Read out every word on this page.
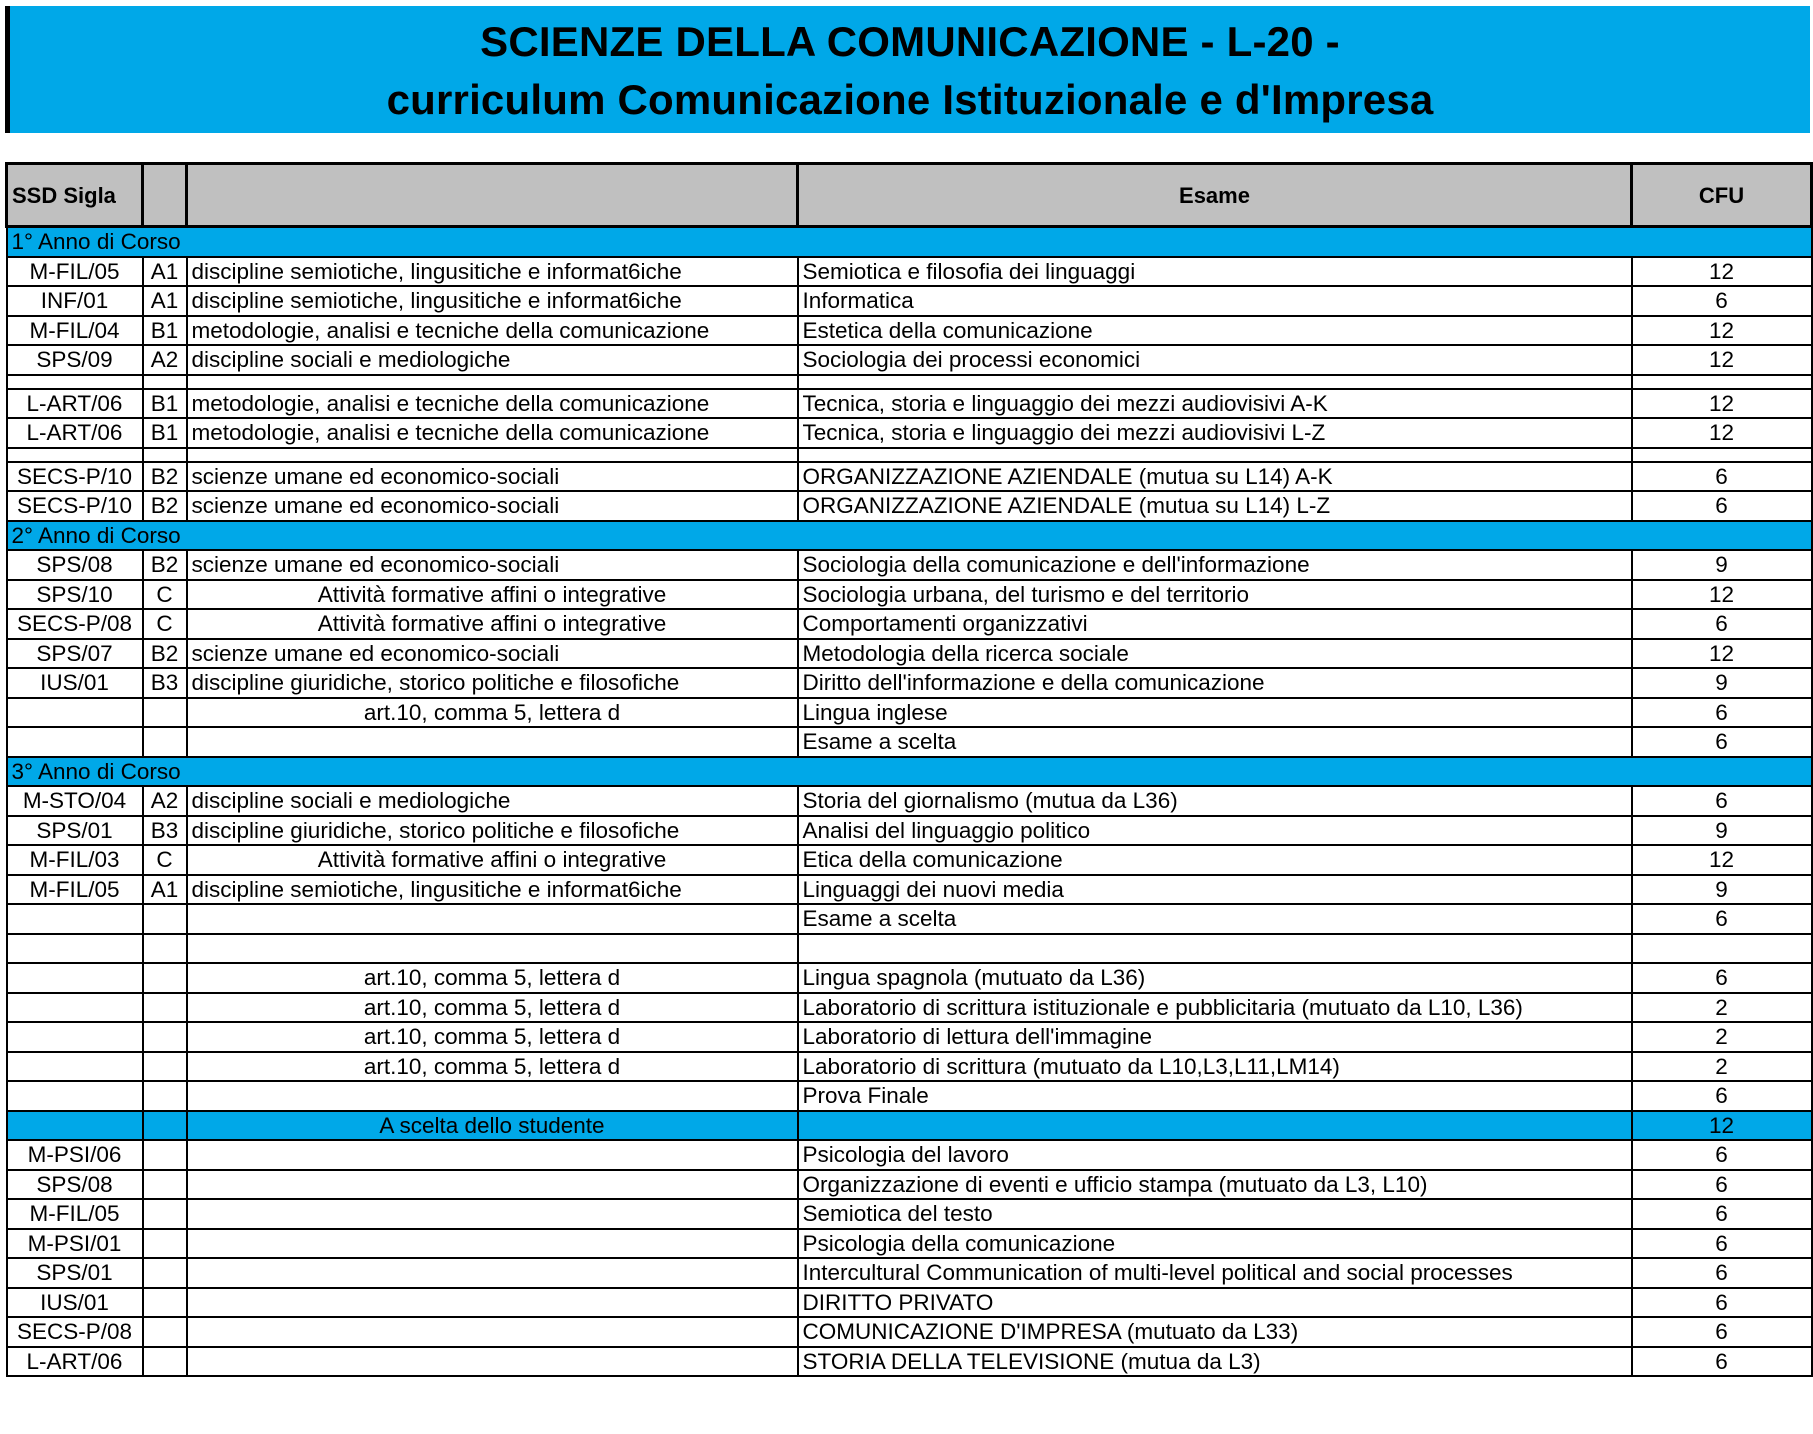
SCIENZE DELLA COMUNICAZIONE - L-20 -
curriculum Comunicazione Istituzionale e d'Impresa
SSD Sigla			Esame	CFU
1° Anno di Corso				
M-FIL/05	A1	discipline semiotiche, lingusitiche e informat6iche	Semiotica e filosofia dei linguaggi	12
INF/01	A1	discipline semiotiche, lingusitiche e informat6iche	Informatica	6
M-FIL/04	B1	metodologie, analisi e tecniche della comunicazione	Estetica della comunicazione	12
SPS/09	A2	discipline sociali e mediologiche	Sociologia dei processi economici	12

L-ART/06	B1	metodologie, analisi e tecniche della comunicazione	Tecnica, storia e linguaggio dei mezzi audiovisivi A-K	12
L-ART/06	B1	metodologie, analisi e tecniche della comunicazione	Tecnica, storia e linguaggio dei mezzi audiovisivi L-Z	12

SECS-P/10	B2	scienze umane ed economico-sociali	ORGANIZZAZIONE AZIENDALE (mutua su L14) A-K	6
SECS-P/10	B2	scienze umane ed economico-sociali	ORGANIZZAZIONE AZIENDALE (mutua su L14) L-Z	6
2° Anno di Corso				
SPS/08	B2	scienze umane ed economico-sociali	Sociologia della comunicazione e dell'informazione	9
SPS/10	C	Attività formative affini o integrative	Sociologia urbana, del turismo e del territorio	12
SECS-P/08	C	Attività formative affini o integrative	Comportamenti organizzativi	6
SPS/07	B2	scienze umane ed economico-sociali	Metodologia della ricerca sociale	12
IUS/01	B3	discipline giuridiche, storico politiche e filosofiche	Diritto dell'informazione e della comunicazione	9
		art.10, comma 5, lettera d	Lingua inglese	6
			Esame a scelta	6
3° Anno di Corso				
M-STO/04	A2	discipline sociali e mediologiche	Storia del giornalismo (mutua da L36)	6
SPS/01	B3	discipline giuridiche, storico politiche e filosofiche	Analisi del linguaggio politico	9
M-FIL/03	C	Attività formative affini o integrative	Etica della comunicazione	12
M-FIL/05	A1	discipline semiotiche, lingusitiche e informat6iche	Linguaggi dei nuovi media	9
			Esame a scelta	6

		art.10, comma 5, lettera d	Lingua spagnola (mutuato da L36)	6
		art.10, comma 5, lettera d	Laboratorio di scrittura istituzionale e pubblicitaria (mutuato da L10, L36)	2
		art.10, comma 5, lettera d	Laboratorio di lettura dell'immagine	2
		art.10, comma 5, lettera d	Laboratorio di scrittura (mutuato da L10,L3,L11,LM14)	2
			Prova Finale	6
		A scelta dello studente		12
M-PSI/06			Psicologia del lavoro	6
SPS/08			Organizzazione di eventi e ufficio stampa (mutuato da L3, L10)	6
M-FIL/05			Semiotica del testo	6
M-PSI/01			Psicologia della comunicazione	6
SPS/01			Intercultural Communication of multi-level political and social processes	6
IUS/01			DIRITTO PRIVATO	6
SECS-P/08			COMUNICAZIONE D'IMPRESA (mutuato da L33)	6
L-ART/06			STORIA DELLA TELEVISIONE (mutua da L3)	6
